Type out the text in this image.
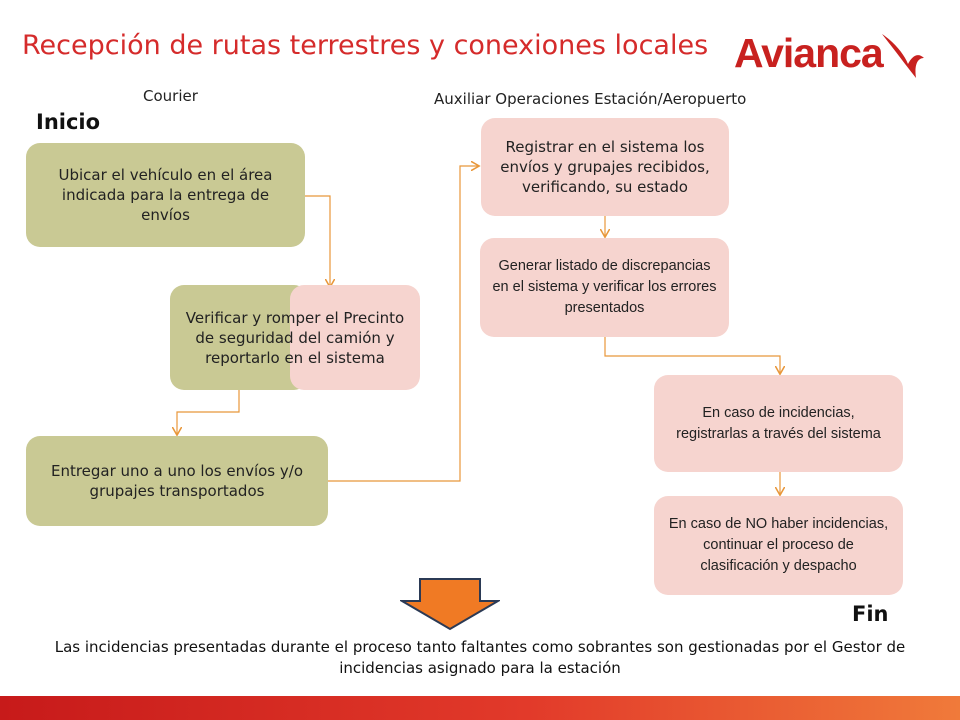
Recepción de rutas terrestres y conexiones locales Avianca
Courier	Auxiliar Operaciones Estación/Aeropuerto
Inicio
Fin
Ubicar el vehículo en el área indicada para la entrega de envíos
Verificar y romper el Precinto de seguridad del camión y reportarlo en el sistema
Entregar uno a uno los envíos y/o grupajes transportados
Registrar en el sistema los envíos y grupajes recibidos, verificando, su estado
Generar listado de discrepancias en el sistema y verificar los errores presentados
En caso de incidencias, registrarlas a través del sistema
En caso de NO haber incidencias, continuar el proceso de clasificación y despacho
Las incidencias presentadas durante el proceso tanto faltantes como sobrantes son gestionadas por el Gestor de incidencias asignado para la estación
